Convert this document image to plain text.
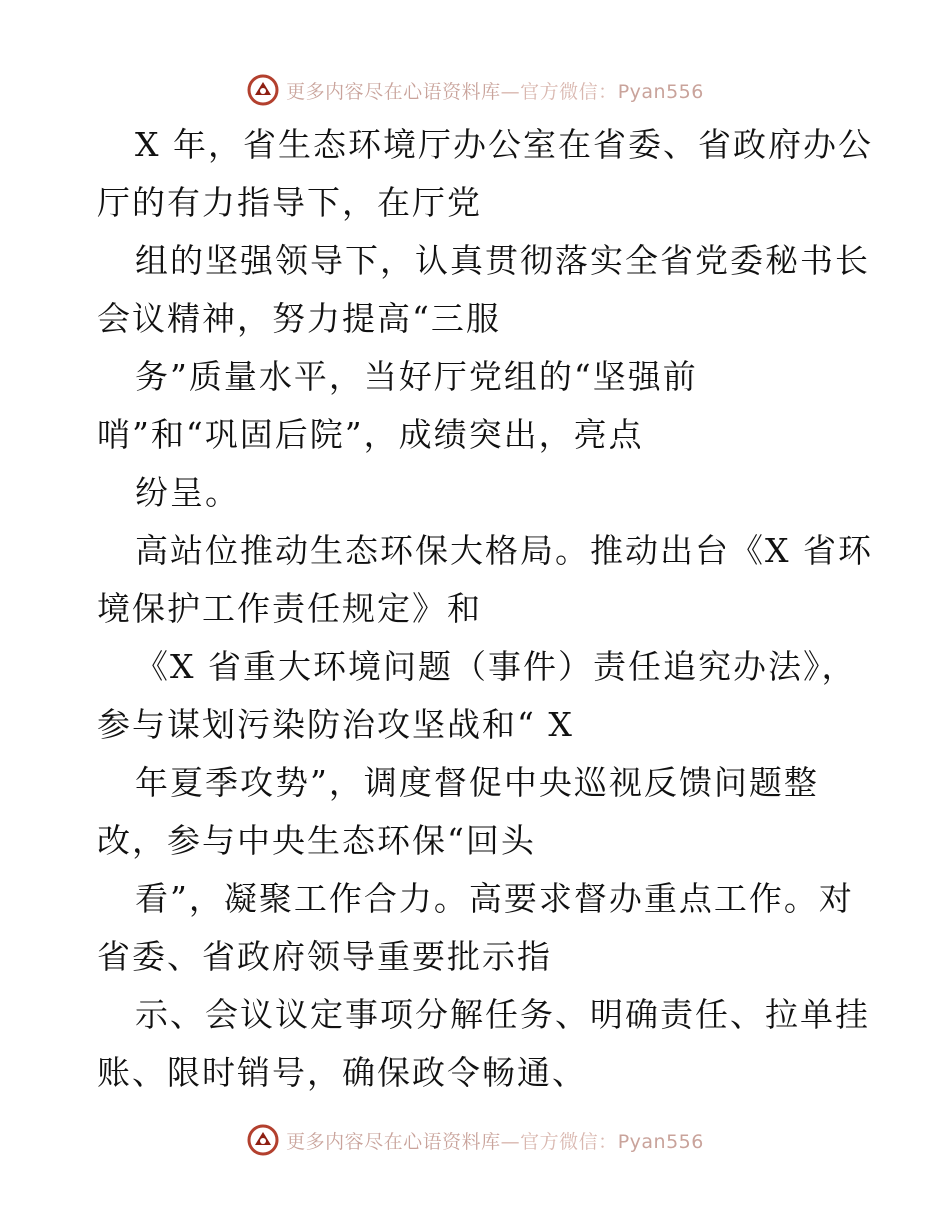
更多内容尽在心语资料库—官方微信：Pyan556
X 年，省生态环境厅办公室在省委、省政府办公
厅的有力指导下，在厅党
组的坚强领导下，认真贯彻落实全省党委秘书长
会议精神，努力提高“三服
务”质量水平，当好厅党组的“坚强前
哨”和“巩固后院”，成绩突出，亮点
纷呈。
高站位推动生态环保大格局。推动出台《X 省环
境保护工作责任规定》和
《X 省重大环境问题（事件）责任追究办法》，
参与谋划污染防治攻坚战和“ X
年夏季攻势”，调度督促中央巡视反馈问题整
改，参与中央生态环保“回头
看”，凝聚工作合力。高要求督办重点工作。对
省委、省政府领导重要批示指
示、会议议定事项分解任务、明确责任、拉单挂
账、限时销号，确保政令畅通、
更多内容尽在心语资料库—官方微信：Pyan556
